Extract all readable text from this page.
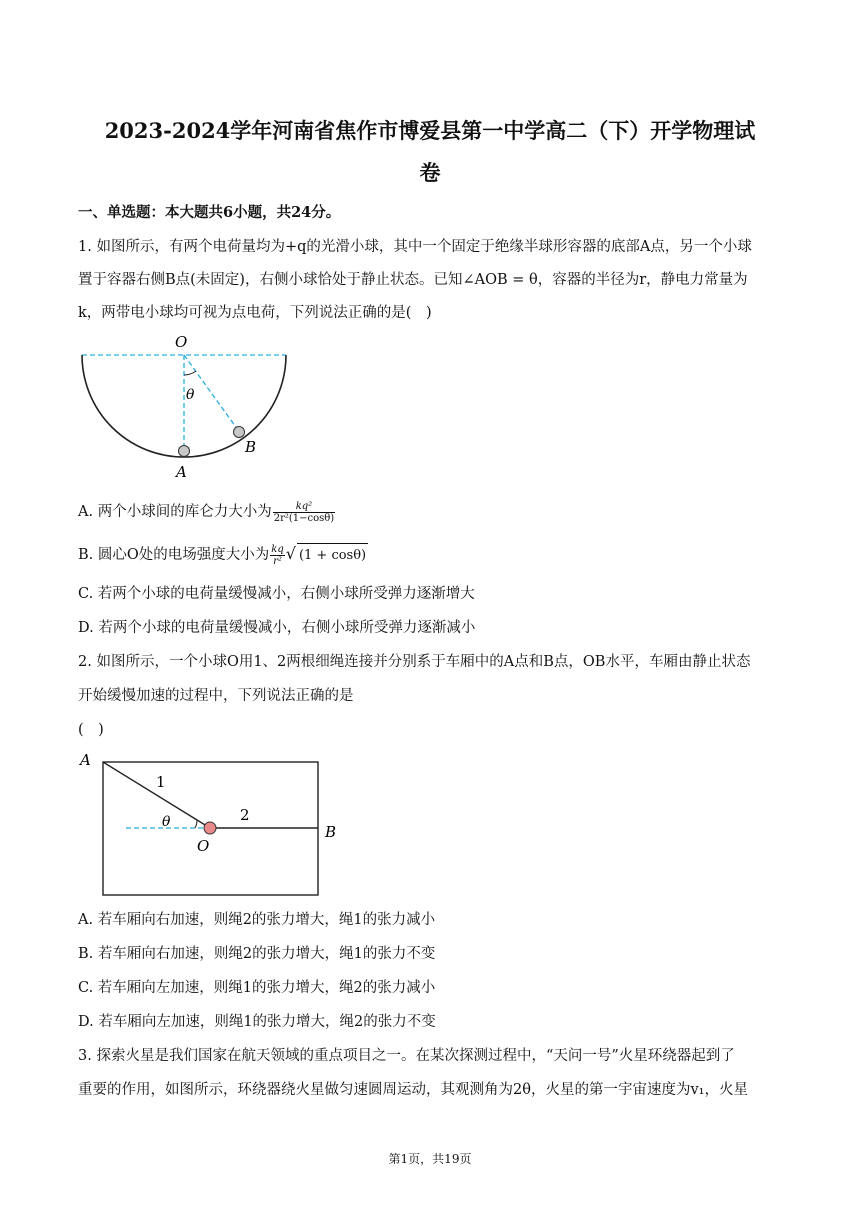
2023-2024学年河南省焦作市博爱县第一中学高二（下）开学物理试
卷
一、单选题：本大题共6小题，共24分。
1. 如图所示，有两个电荷量均为+q的光滑小球，其中一个固定于绝缘半球形容器的底部A点，另一个小球
置于容器右侧B点(未固定)，右侧小球恰处于静止状态。已知∠AOB = θ，容器的半径为r，静电力常量为
k，两带电小球均可视为点电荷，下列说法正确的是(　)
O
θ
A
B
A. 两个小球间的库仑力大小为 $\frac{\text{kq²}}{\text{2r²(1−cosθ)}}$
B. 圆心O处的电场强度大小为 $\frac{kq}{\text{r²}}$ √ (1 + cosθ)
C. 若两个小球的电荷量缓慢减小，右侧小球所受弹力逐渐增大
D. 若两个小球的电荷量缓慢减小，右侧小球所受弹力逐渐减小
2. 如图所示，一个小球O用1、2两根细绳连接并分别系于车厢中的A点和B点，OB水平，车厢由静止状态
开始缓慢加速的过程中，下列说法正确的是
(　)
A
1
2
θ
O
B
A. 若车厢向右加速，则绳2的张力增大，绳1的张力减小
B. 若车厢向右加速，则绳2的张力增大，绳1的张力不变
C. 若车厢向左加速，则绳1的张力增大，绳2的张力减小
D. 若车厢向左加速，则绳1的张力增大，绳2的张力不变
3. 探索火星是我们国家在航天领域的重点项目之一。在某次探测过程中，“天问一号”火星环绕器起到了
重要的作用，如图所示，环绕器绕火星做匀速圆周运动，其观测角为2θ，火星的第一宇宙速度为v₁，火星
第1页，共19页
